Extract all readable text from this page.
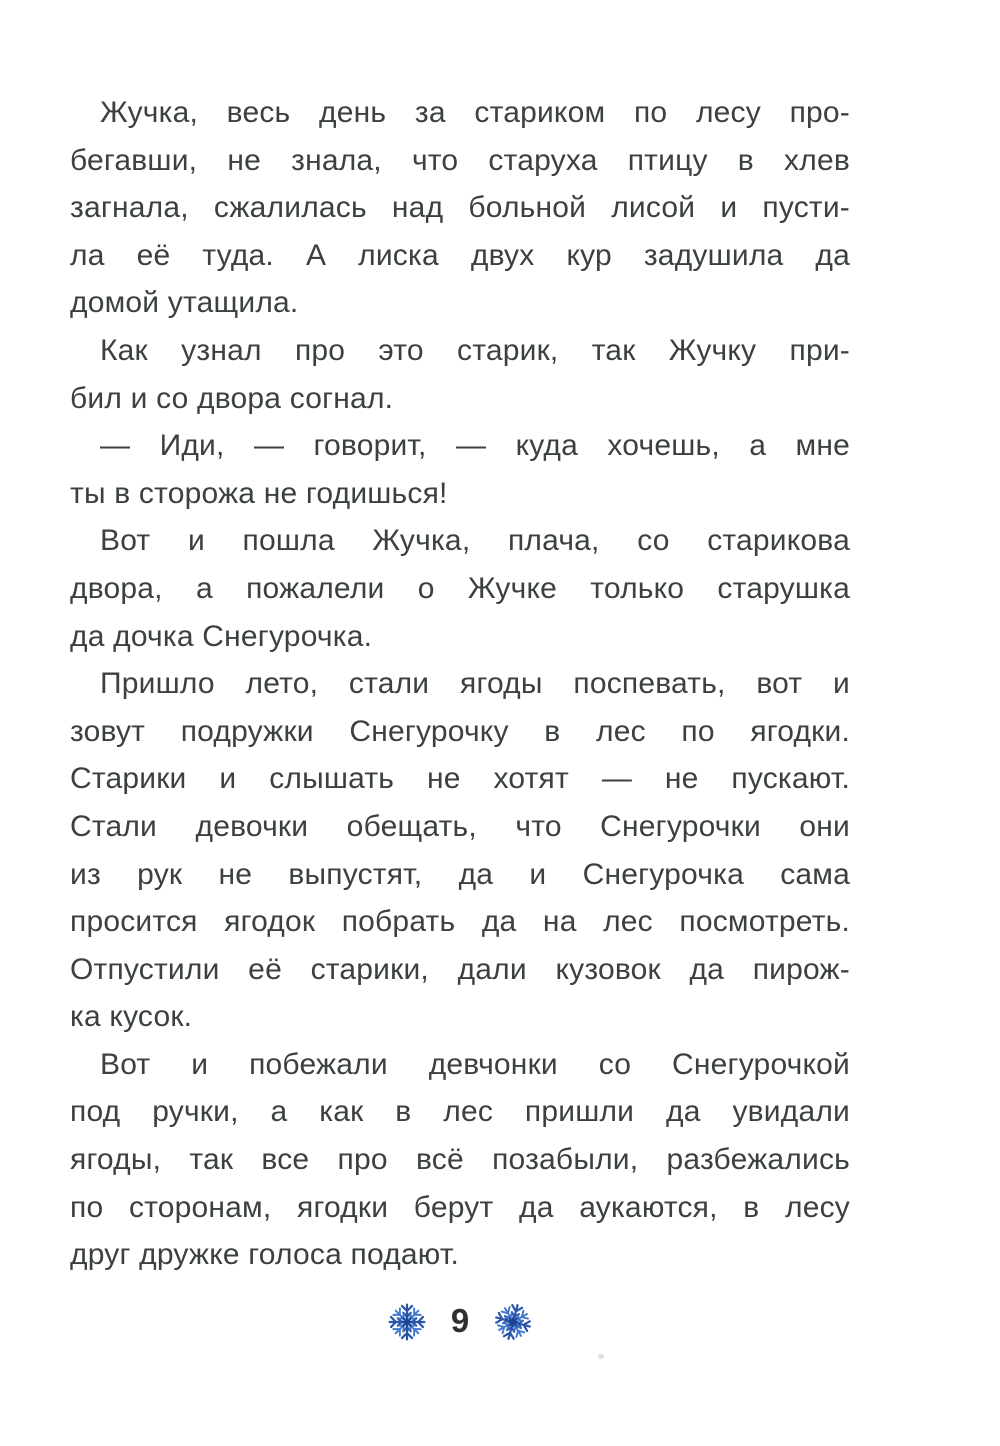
Жучка, весь день за стариком по лесу про-
бегавши, не знала, что старуха птицу в хлев
загнала, сжалилась над больной лисой и пусти-
ла её туда. А лиска двух кур задушила да
домой утащила.
Как узнал про это старик, так Жучку при-
бил и со двора согнал.
— Иди, — говорит, — куда хочешь, а мне
ты в сторожа не годишься!
Вот и пошла Жучка, плача, со старикова
двора, а пожалели о Жучке только старушка
да дочка Снегурочка.
Пришло лето, стали ягоды поспевать, вот и
зовут подружки Снегурочку в лес по ягодки.
Старики и слышать не хотят — не пускают.
Стали девочки обещать, что Снегурочки они
из рук не выпустят, да и Снегурочка сама
просится ягодок побрать да на лес посмотреть.
Отпустили её старики, дали кузовок да пирож-
ка кусок.
Вот и побежали девчонки со Снегурочкой
под ручки, а как в лес пришли да увидали
ягоды, так все про всё позабыли, разбежались
по сторонам, ягодки берут да аукаются, в лесу
друг дружке голоса подают.
9
